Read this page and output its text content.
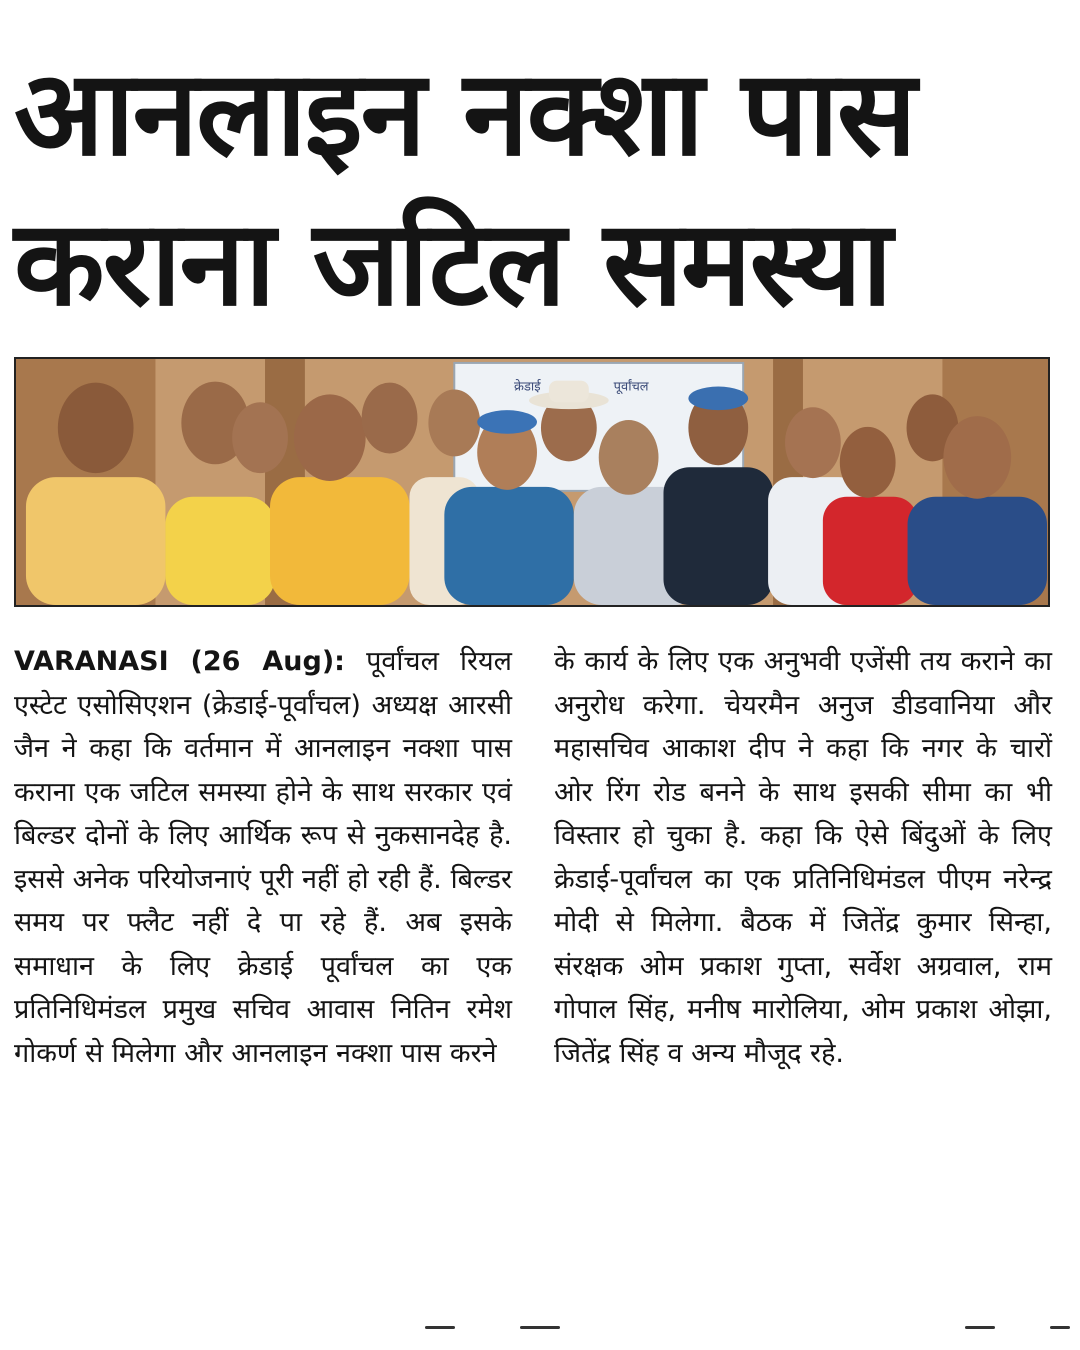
आनलाइन नक्शा पास
कराना जटिल समस्या
क्रेडाई	पूर्वांचल

VARANASI (26 Aug): पूर्वांचल रियल एस्टेट एसोसिएशन (क्रेडाई-पूर्वांचल) अध्यक्ष आरसी जैन ने कहा कि वर्तमान में आनलाइन नक्शा पास कराना एक जटिल समस्या होने के साथ सरकार एवं बिल्डर दोनों के लिए आर्थिक रूप से नुकसानदेह है. इससे अनेक परियोजनाएं पूरी नहीं हो रही हैं. बिल्डर समय पर फ्लैट नहीं दे पा रहे हैं. अब इसके समाधान के लिए क्रेडाई पूर्वांचल का एक प्रतिनिधिमंडल प्रमुख सचिव आवास नितिन रमेश गोकर्ण से मिलेगा और आनलाइन नक्शा पास करने

के कार्य के लिए एक अनुभवी एजेंसी तय कराने का अनुरोध करेगा. चेयरमैन अनुज डीडवानिया और महासचिव आकाश दीप ने कहा कि नगर के चारों ओर रिंग रोड बनने के साथ इसकी सीमा का भी विस्तार हो चुका है. कहा कि ऐसे बिंदुओं के लिए क्रेडाई-पूर्वांचल का एक प्रतिनिधिमंडल पीएम नरेन्द्र मोदी से मिलेगा. बैठक में जितेंद्र कुमार सिन्हा, संरक्षक ओम प्रकाश गुप्ता, सर्वेश अग्रवाल, राम गोपाल सिंह, मनीष मारोलिया, ओम प्रकाश ओझा, जितेंद्र सिंह व अन्य मौजूद रहे.
